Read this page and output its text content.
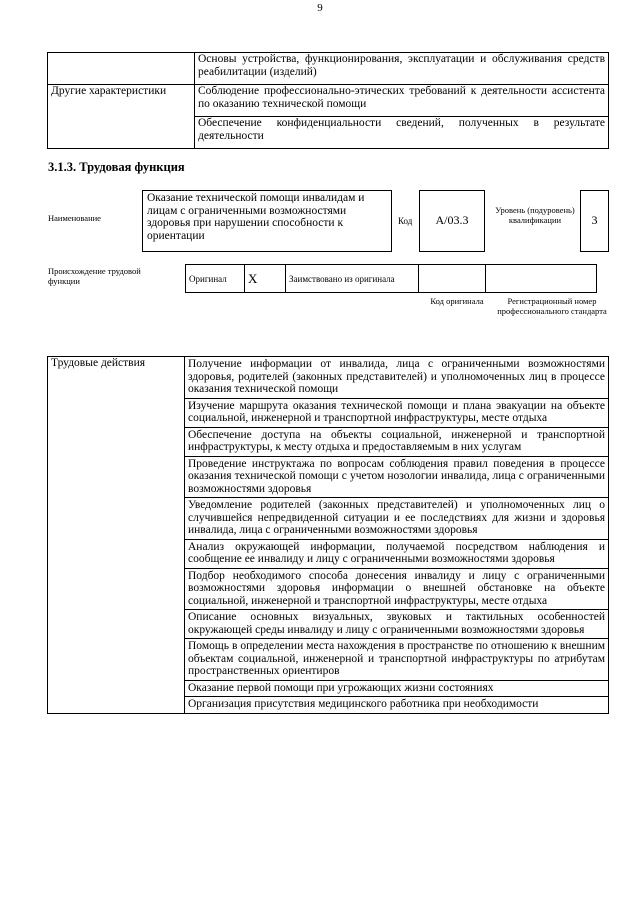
9
	Основы устройства, функционирования, эксплуатации и обслуживания средств реабилитации (изделий)
Другие характеристики	Соблюдение профессионально-этических требований к деятельности ассистента по оказанию технической помощи
	Обеспечение конфиденциальности сведений, полученных в результате деятельности
3.1.3. Трудовая функция
Наименование
Оказание технической помощи инвалидам и лицам с ограниченными возможностями здоровья при нарушении способности к ориентации
Код	A/03.3
Уровень (подуровень) квалификации	3
Происхождение трудовой функции	Оригинал	X	Заимствовано из оригинала		
Код оригинала	Регистрационный номер профессионального стандарта
Трудовые действия	Получение информации от инвалида, лица с ограниченными возможностями здоровья, родителей (законных представителей) и уполномоченных лиц в процессе оказания технической помощи
Изучение маршрута оказания технической помощи и плана эвакуации на объекте социальной, инженерной и транспортной инфраструктуры, месте отдыха
Обеспечение доступа на объекты социальной, инженерной и транспортной инфраструктуры, к месту отдыха и предоставляемым в них услугам
Проведение инструктажа по вопросам соблюдения правил поведения в процессе оказания технической помощи с учетом нозологии инвалида, лица с ограниченными возможностями здоровья
Уведомление родителей (законных представителей) и уполномоченных лиц о случившейся непредвиденной ситуации и ее последствиях для жизни и здоровья инвалида, лица с ограниченными возможностями здоровья
Анализ окружающей информации, получаемой посредством наблюдения и сообщение ее инвалиду и лицу с ограниченными возможностями здоровья
Подбор необходимого способа донесения инвалиду и лицу с ограниченными возможностями здоровья информации о внешней обстановке на объекте социальной, инженерной и транспортной инфраструктуры, месте отдыха
Описание основных визуальных, звуковых и тактильных особенностей окружающей среды инвалиду и лицу с ограниченными возможностями здоровья
Помощь в определении места нахождения в пространстве по отношению к внешним объектам социальной, инженерной и транспортной инфраструктуры по атрибутам пространственных ориентиров
Оказание первой помощи при угрожающих жизни состояниях
Организация присутствия медицинского работника при необходимости
